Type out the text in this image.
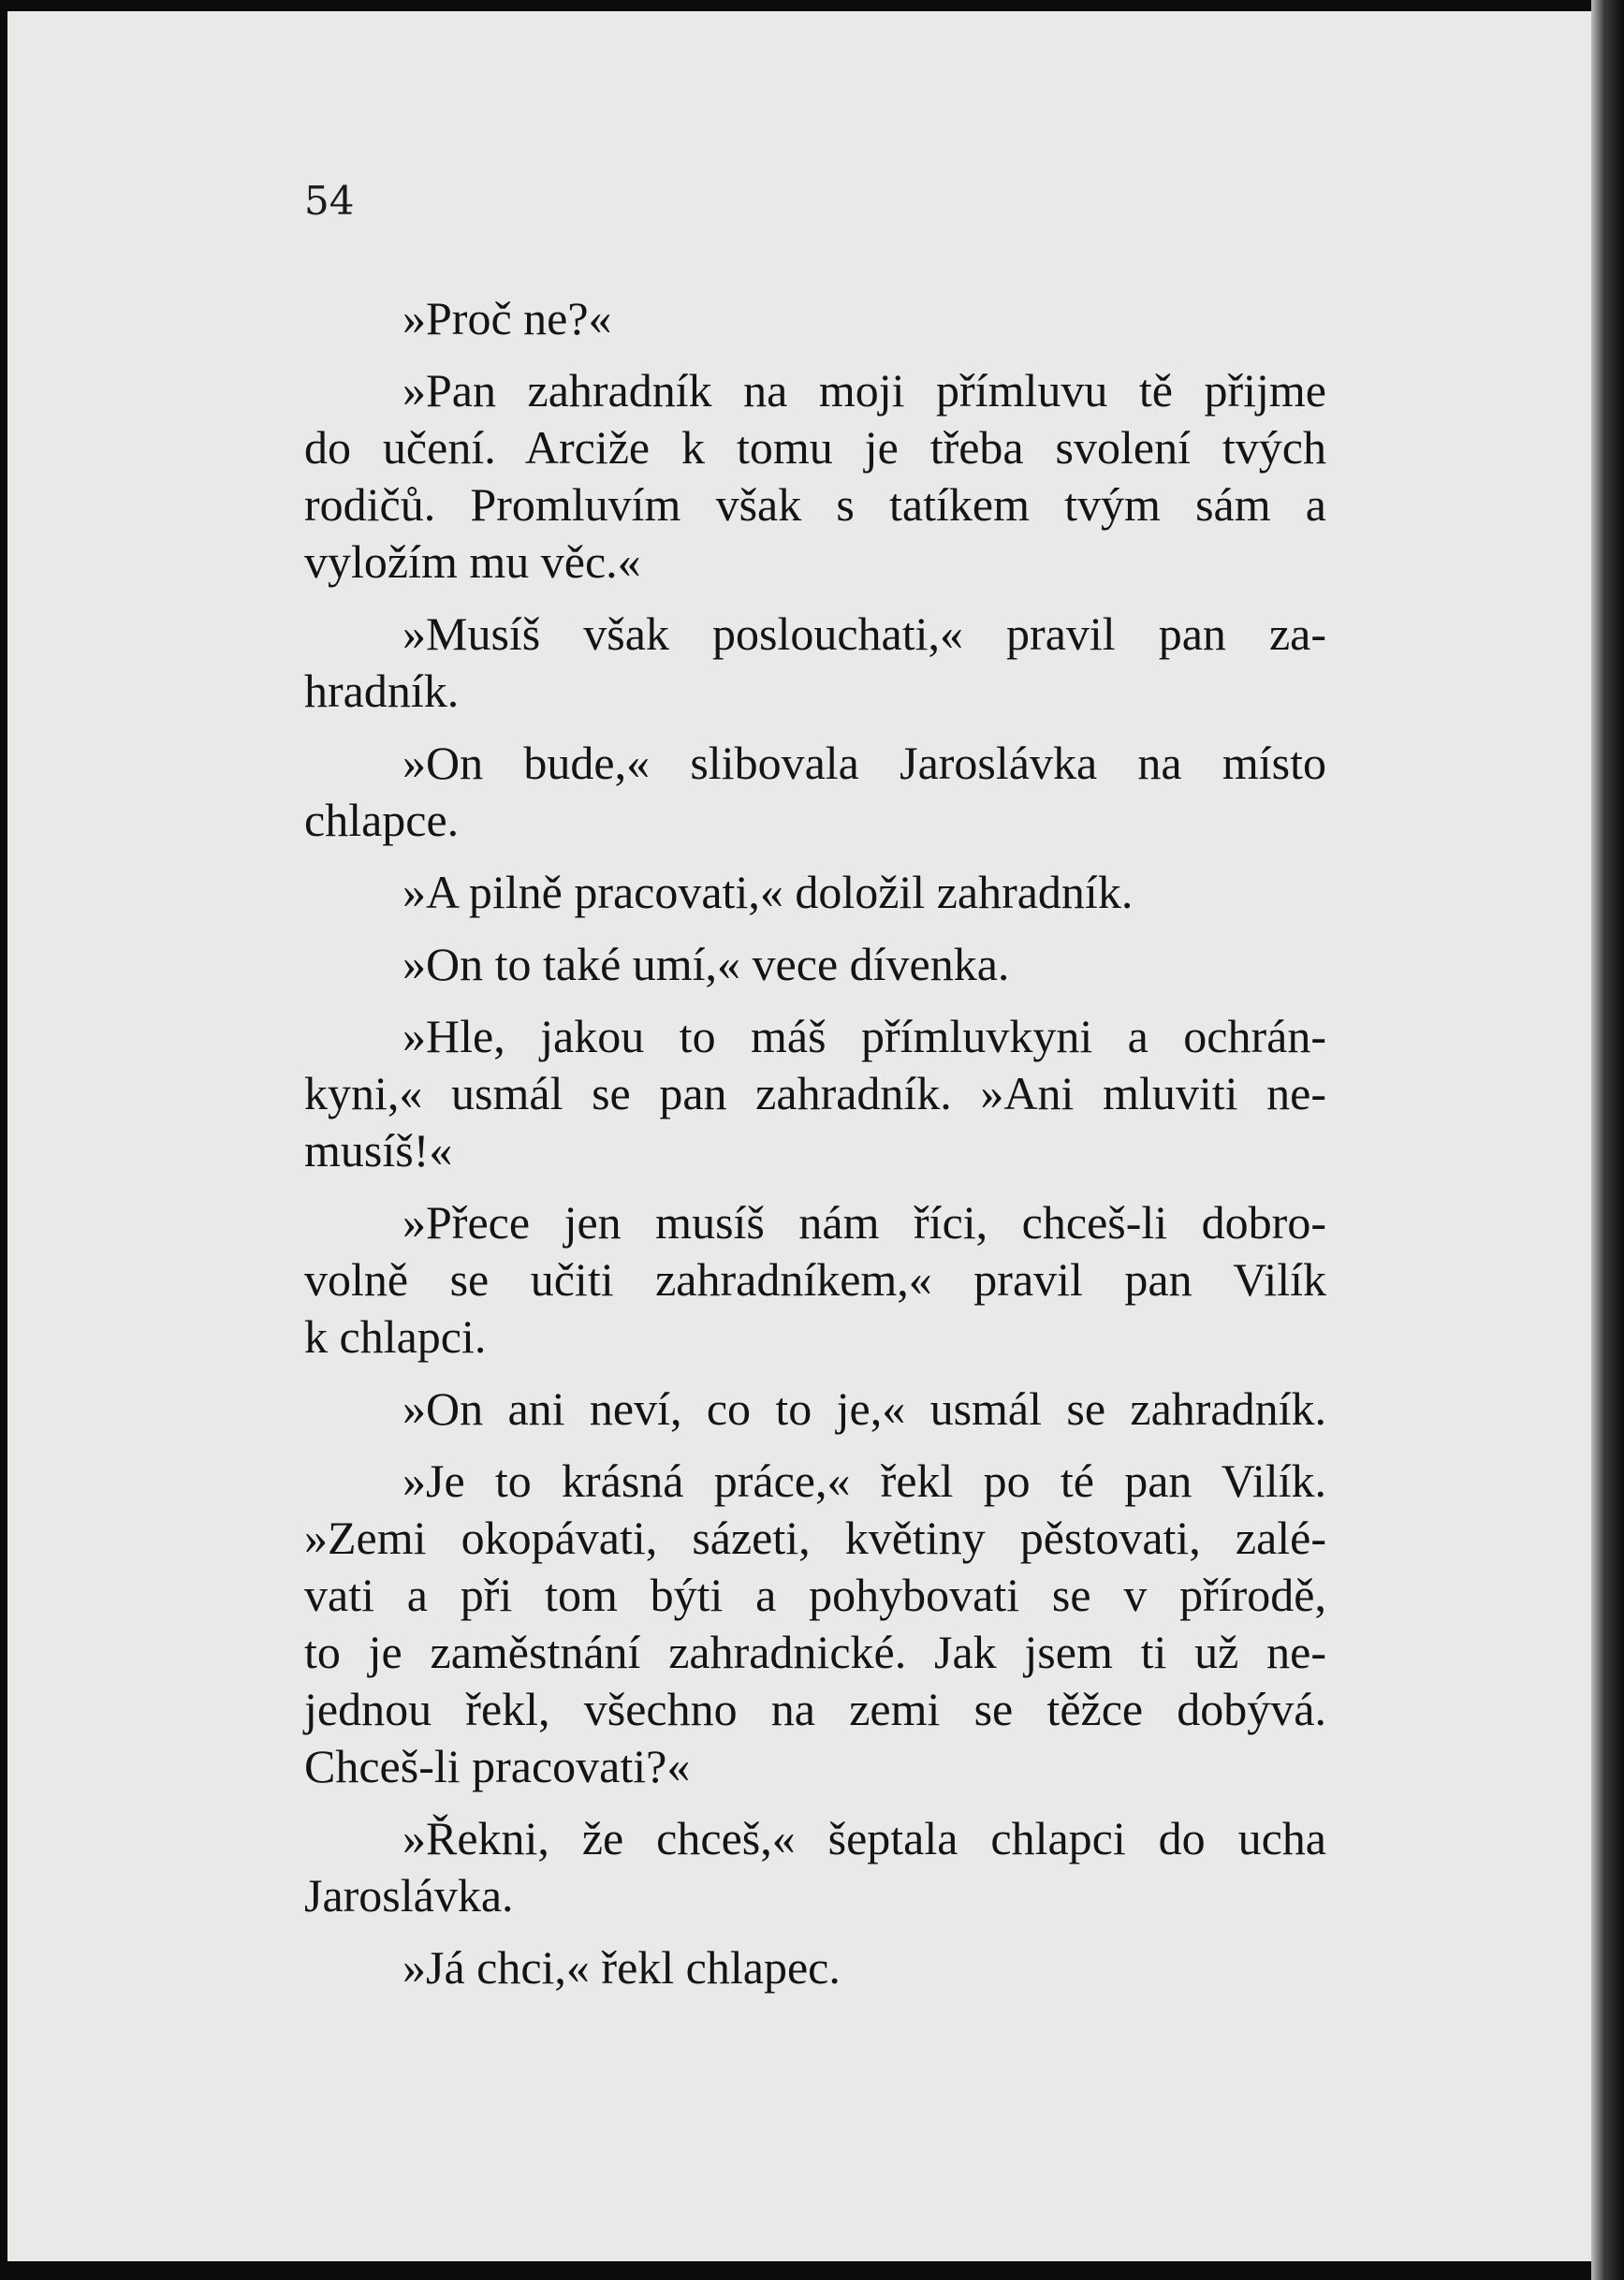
54

»Proč ne?«

»Pan zahradník na moji přímluvu tě přijme
do učení. Arciže k tomu je třeba svolení tvých
rodičů. Promluvím však s tatíkem tvým sám a
vyložím mu věc.«

»Musíš však poslouchati,« pravil pan za-
hradník.

»On bude,« slibovala Jaroslávka na místo
chlapce.

»A pilně pracovati,« doložil zahradník.

»On to také umí,« vece dívenka.

»Hle, jakou to máš přímluvkyni a ochrán-
kyni,« usmál se pan zahradník. »Ani mluviti ne-
musíš!«

»Přece jen musíš nám říci, chceš-li dobro-
volně se učiti zahradníkem,« pravil pan Vilík
k chlapci.

»On ani neví, co to je,« usmál se zahradník.

»Je to krásná práce,« řekl po té pan Vilík.
»Zemi okopávati, sázeti, květiny pěstovati, zalé-
vati a při tom býti a pohybovati se v přírodě,
to je zaměstnání zahradnické. Jak jsem ti už ne-
jednou řekl, všechno na zemi se těžce dobývá.
Chceš-li pracovati?«

»Řekni, že chceš,« šeptala chlapci do ucha
Jaroslávka.

»Já chci,« řekl chlapec.
